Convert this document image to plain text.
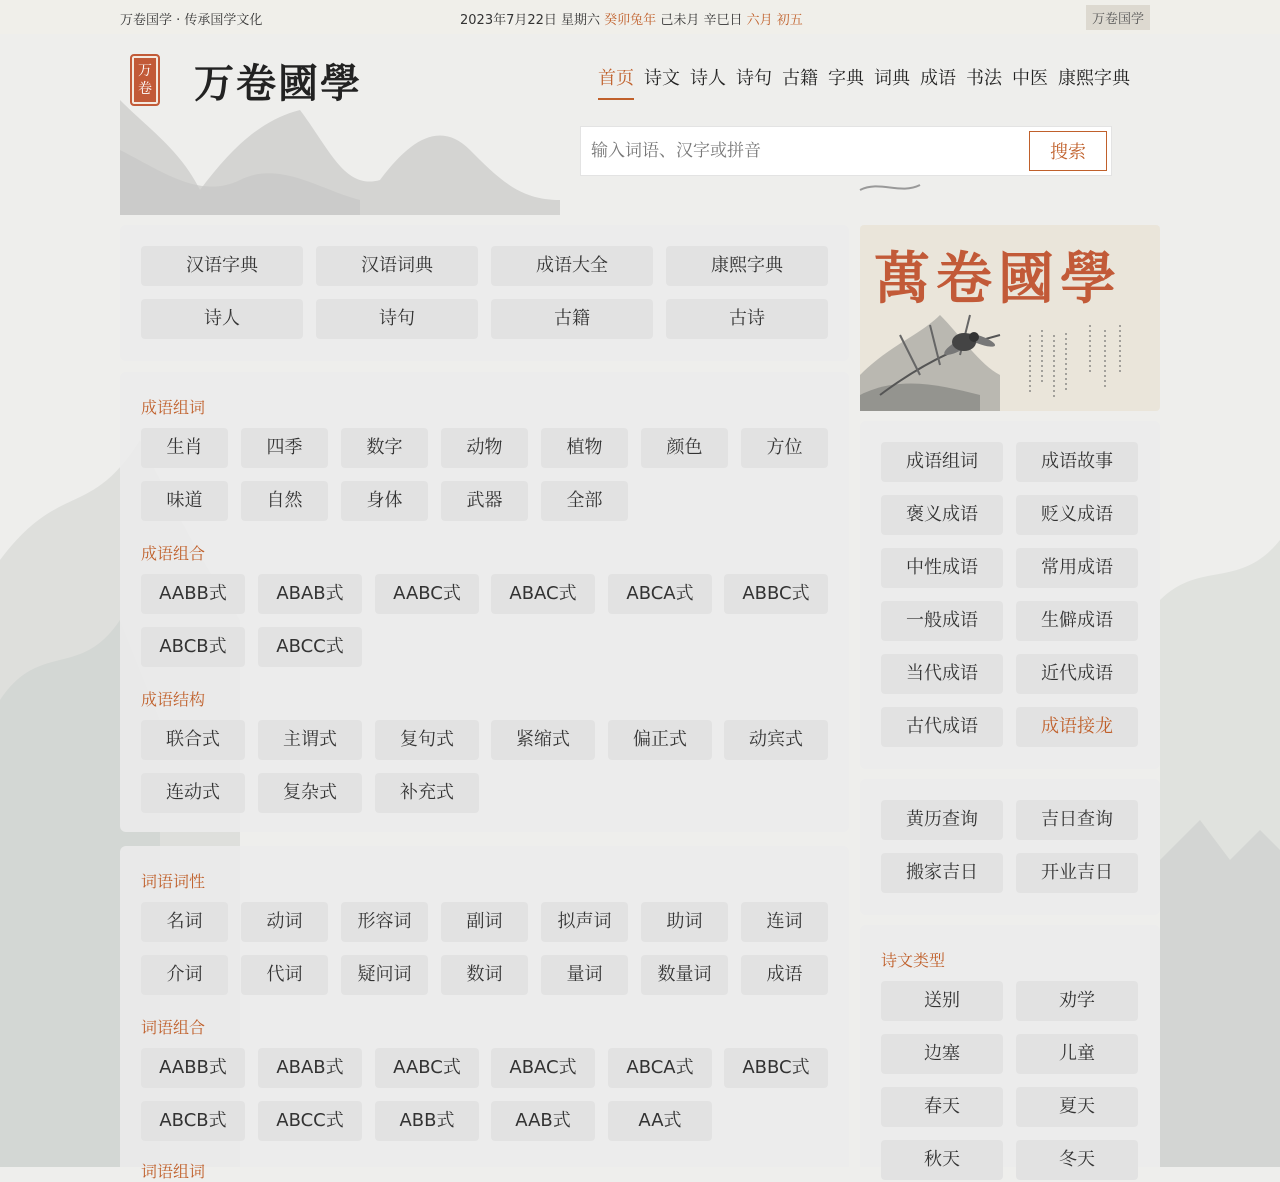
万卷国学 · 传承国学文化	2023年7月22日 星期六 癸卯兔年 己未月 辛巳日 六月 初五	万卷国学
万卷 万卷國學	首页 诗文 诗人 诗句 古籍 字典 词典 成语 书法 中医 康熙字典
输入词语、汉字或拼音
搜索
汉语字典	汉语词典	成语大全	康熙字典
诗人	诗句	古籍	古诗
成语组词
生肖	四季	数字	动物	植物	颜色	方位
味道	自然	身体	武器	全部
成语组合
AABB式	ABAB式	AABC式	ABAC式	ABCA式	ABBC式
ABCB式	ABCC式
成语结构
联合式	主谓式	复句式	紧缩式	偏正式	动宾式
连动式	复杂式	补充式
词语词性
名词	动词	形容词	副词	拟声词	助词	连词
介词	代词	疑问词	数词	量词	数量词	成语
词语组合
AABB式	ABAB式	AABC式	ABAC式	ABCA式	ABBC式
ABCB式	ABCC式	ABB式	AAB式	AA式
词语组词
萬卷國學
成语组词	成语故事
褒义成语	贬义成语
中性成语	常用成语
一般成语	生僻成语
当代成语	近代成语
古代成语	成语接龙
黄历查询	吉日查询
搬家吉日	开业吉日
诗文类型
送别	劝学
边塞	儿童
春天	夏天
秋天	冬天
